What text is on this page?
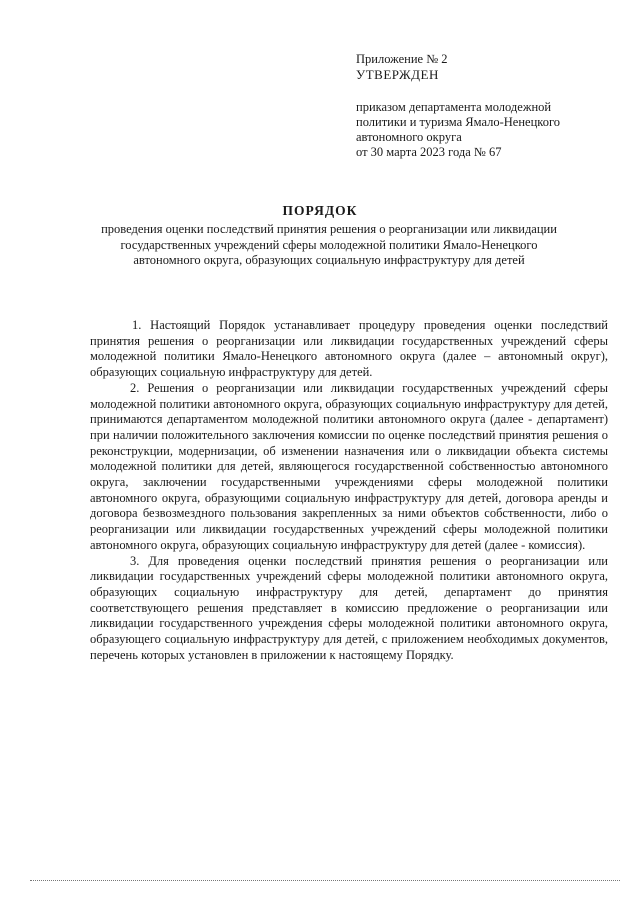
Приложение № 2
УТВЕРЖДЕН
приказом департамента молодежной
политики и туризма Ямало-Ненецкого
автономного округа
от 30 марта 2023 года № 67
ПОРЯДОК
проведения оценки последствий принятия решения о реорганизации или ликвидации государственных учреждений сферы молодежной политики Ямало-Ненецкого автономного округа, образующих социальную инфраструктуру для детей

1. Настоящий Порядок устанавливает процедуру проведения оценки последствий принятия решения о реорганизации или ликвидации государственных учреждений сферы молодежной политики Ямало-Ненецкого автономного округа (далее – автономный округ), образующих социальную инфраструктуру для детей.

2. Решения о реорганизации или ликвидации государственных учреждений сферы молодежной политики автономного округа, образующих социальную инфраструктуру для детей, принимаются департаментом молодежной политики автономного округа (далее - департамент) при наличии положительного заключения комиссии по оценке последствий принятия решения о реконструкции, модернизации, об изменении назначения или о ликвидации объекта системы молодежной политики для детей, являющегося государственной собственностью автономного округа, заключении государственными учреждениями сферы молодежной политики автономного округа, образующими социальную инфраструктуру для детей, договора аренды и договора безвозмездного пользования закрепленных за ними объектов собственности, либо о реорганизации или ликвидации государственных учреждений сферы молодежной политики автономного округа, образующих социальную инфраструктуру для детей (далее - комиссия).

3. Для проведения оценки последствий принятия решения о реорганизации или ликвидации государственных учреждений сферы молодежной политики автономного округа, образующих социальную инфраструктуру для детей, департамент до принятия соответствующего решения представляет в комиссию предложение о реорганизации или ликвидации государственного учреждения сферы молодежной политики автономного округа, образующего социальную инфраструктуру для детей, с приложением необходимых документов, перечень которых установлен в приложении к настоящему Порядку.
